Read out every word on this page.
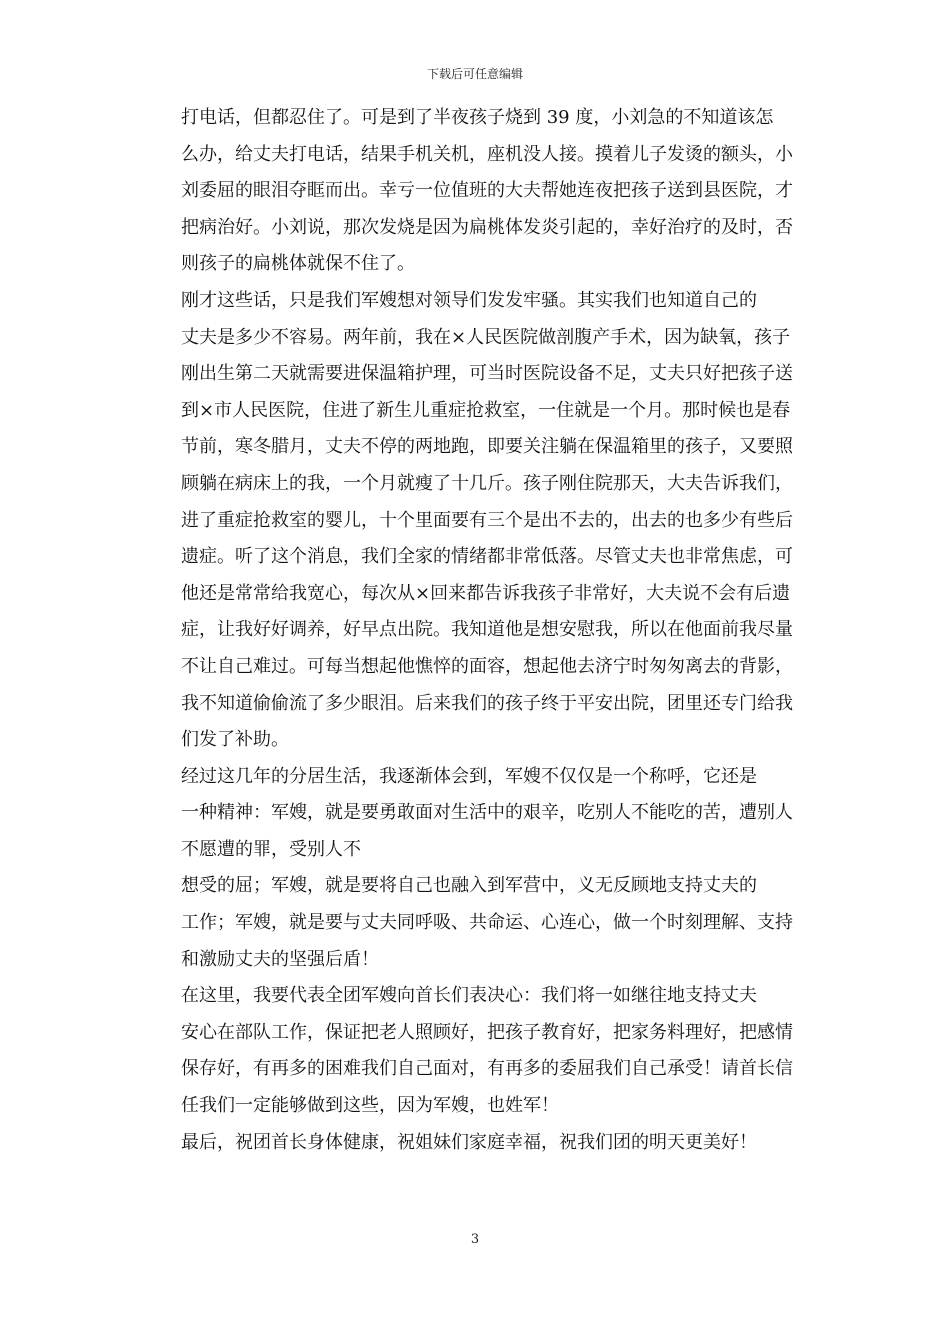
下载后可任意编辑

打电话，但都忍住了。可是到了半夜孩子烧到 39 度，小刘急的不知道该怎
么办，给丈夫打电话，结果手机关机，座机没人接。摸着儿子发烫的额头，小
刘委屈的眼泪夺眶而出。幸亏一位值班的大夫帮她连夜把孩子送到县医院，才
把病治好。小刘说，那次发烧是因为扁桃体发炎引起的，幸好治疗的及时，否
则孩子的扁桃体就保不住了。

刚才这些话，只是我们军嫂想对领导们发发牢骚。其实我们也知道自己的
丈夫是多少不容易。两年前，我在×人民医院做剖腹产手术，因为缺氧，孩子
刚出生第二天就需要进保温箱护理，可当时医院设备不足，丈夫只好把孩子送
到×市人民医院，住进了新生儿重症抢救室，一住就是一个月。那时候也是春
节前，寒冬腊月，丈夫不停的两地跑，即要关注躺在保温箱里的孩子，又要照
顾躺在病床上的我，一个月就瘦了十几斤。孩子刚住院那天，大夫告诉我们，
进了重症抢救室的婴儿，十个里面要有三个是出不去的，出去的也多少有些后
遗症。听了这个消息，我们全家的情绪都非常低落。尽管丈夫也非常焦虑，可
他还是常常给我宽心，每次从×回来都告诉我孩子非常好，大夫说不会有后遗
症，让我好好调养，好早点出院。我知道他是想安慰我，所以在他面前我尽量
不让自己难过。可每当想起他憔悴的面容，想起他去济宁时匆匆离去的背影，
我不知道偷偷流了多少眼泪。后来我们的孩子终于平安出院，团里还专门给我
们发了补助。

经过这几年的分居生活，我逐渐体会到，军嫂不仅仅是一个称呼，它还是
一种精神：军嫂，就是要勇敢面对生活中的艰辛，吃别人不能吃的苦，遭别人
不愿遭的罪，受别人不

想受的屈；军嫂，就是要将自己也融入到军营中，义无反顾地支持丈夫的
工作；军嫂，就是要与丈夫同呼吸、共命运、心连心，做一个时刻理解、支持
和激励丈夫的坚强后盾！

在这里，我要代表全团军嫂向首长们表决心：我们将一如继往地支持丈夫
安心在部队工作，保证把老人照顾好，把孩子教育好，把家务料理好，把感情
保存好，有再多的困难我们自己面对，有再多的委屈我们自己承受！请首长信
任我们一定能够做到这些，因为军嫂，也姓军！

最后，祝团首长身体健康，祝姐妹们家庭幸福，祝我们团的明天更美好！

3
